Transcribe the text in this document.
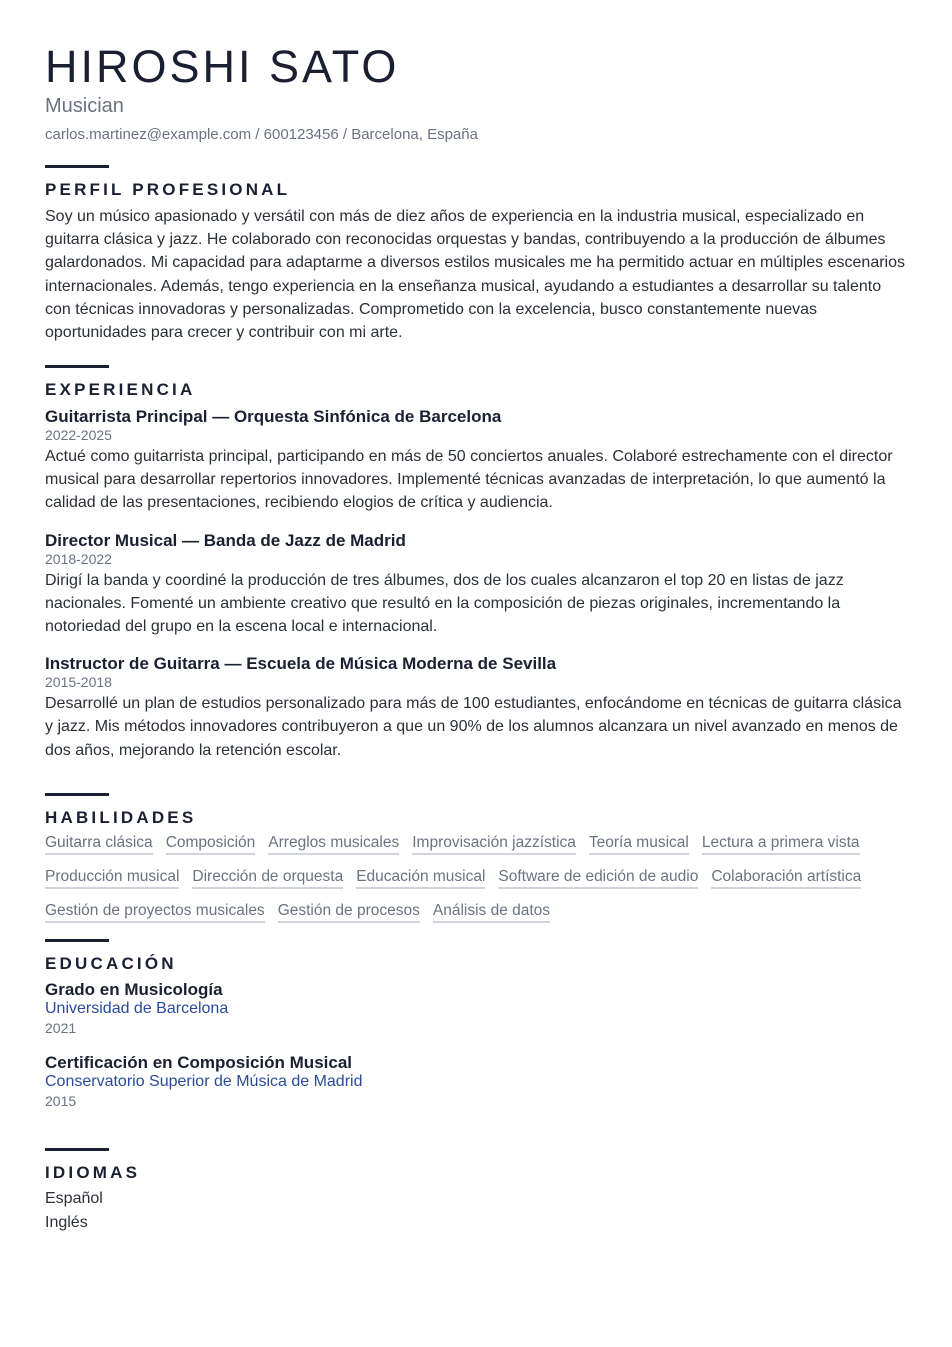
HIROSHI SATO
Musician
carlos.martinez@example.com / 600123456 / Barcelona, España
PERFIL PROFESIONAL

Soy un músico apasionado y versátil con más de diez años de experiencia en la industria musical, especializado en guitarra clásica y jazz. He colaborado con reconocidas orquestas y bandas, contribuyendo a la producción de álbumes galardonados. Mi capacidad para adaptarme a diversos estilos musicales me ha permitido actuar en múltiples escenarios internacionales. Además, tengo experiencia en la enseñanza musical, ayudando a estudiantes a desarrollar su talento con técnicas innovadoras y personalizadas. Comprometido con la excelencia, busco constantemente nuevas oportunidades para crecer y contribuir con mi arte.

EXPERIENCIA
Guitarrista Principal — Orquesta Sinfónica de Barcelona
2022-2025
Actué como guitarrista principal, participando en más de 50 conciertos anuales. Colaboré estrechamente con el director musical para desarrollar repertorios innovadores. Implementé técnicas avanzadas de interpretación, lo que aumentó la calidad de las presentaciones, recibiendo elogios de crítica y audiencia.
Director Musical — Banda de Jazz de Madrid
2018-2022
Dirigí la banda y coordiné la producción de tres álbumes, dos de los cuales alcanzaron el top 20 en listas de jazz nacionales. Fomenté un ambiente creativo que resultó en la composición de piezas originales, incrementando la notoriedad del grupo en la escena local e internacional.
Instructor de Guitarra — Escuela de Música Moderna de Sevilla
2015-2018
Desarrollé un plan de estudios personalizado para más de 100 estudiantes, enfocándome en técnicas de guitarra clásica y jazz. Mis métodos innovadores contribuyeron a que un 90% de los alumnos alcanzara un nivel avanzado en menos de dos años, mejorando la retención escolar.
HABILIDADES
Guitarra clásica Composición Arreglos musicales Improvisación jazzística Teoría musical Lectura a primera vista
Producción musical Dirección de orquesta Educación musical Software de edición de audio Colaboración artística
Gestión de proyectos musicales Gestión de procesos Análisis de datos
EDUCACIÓN
Grado en Musicología
Universidad de Barcelona
2021
Certificación en Composición Musical
Conservatorio Superior de Música de Madrid
2015
IDIOMAS
Español
Inglés
